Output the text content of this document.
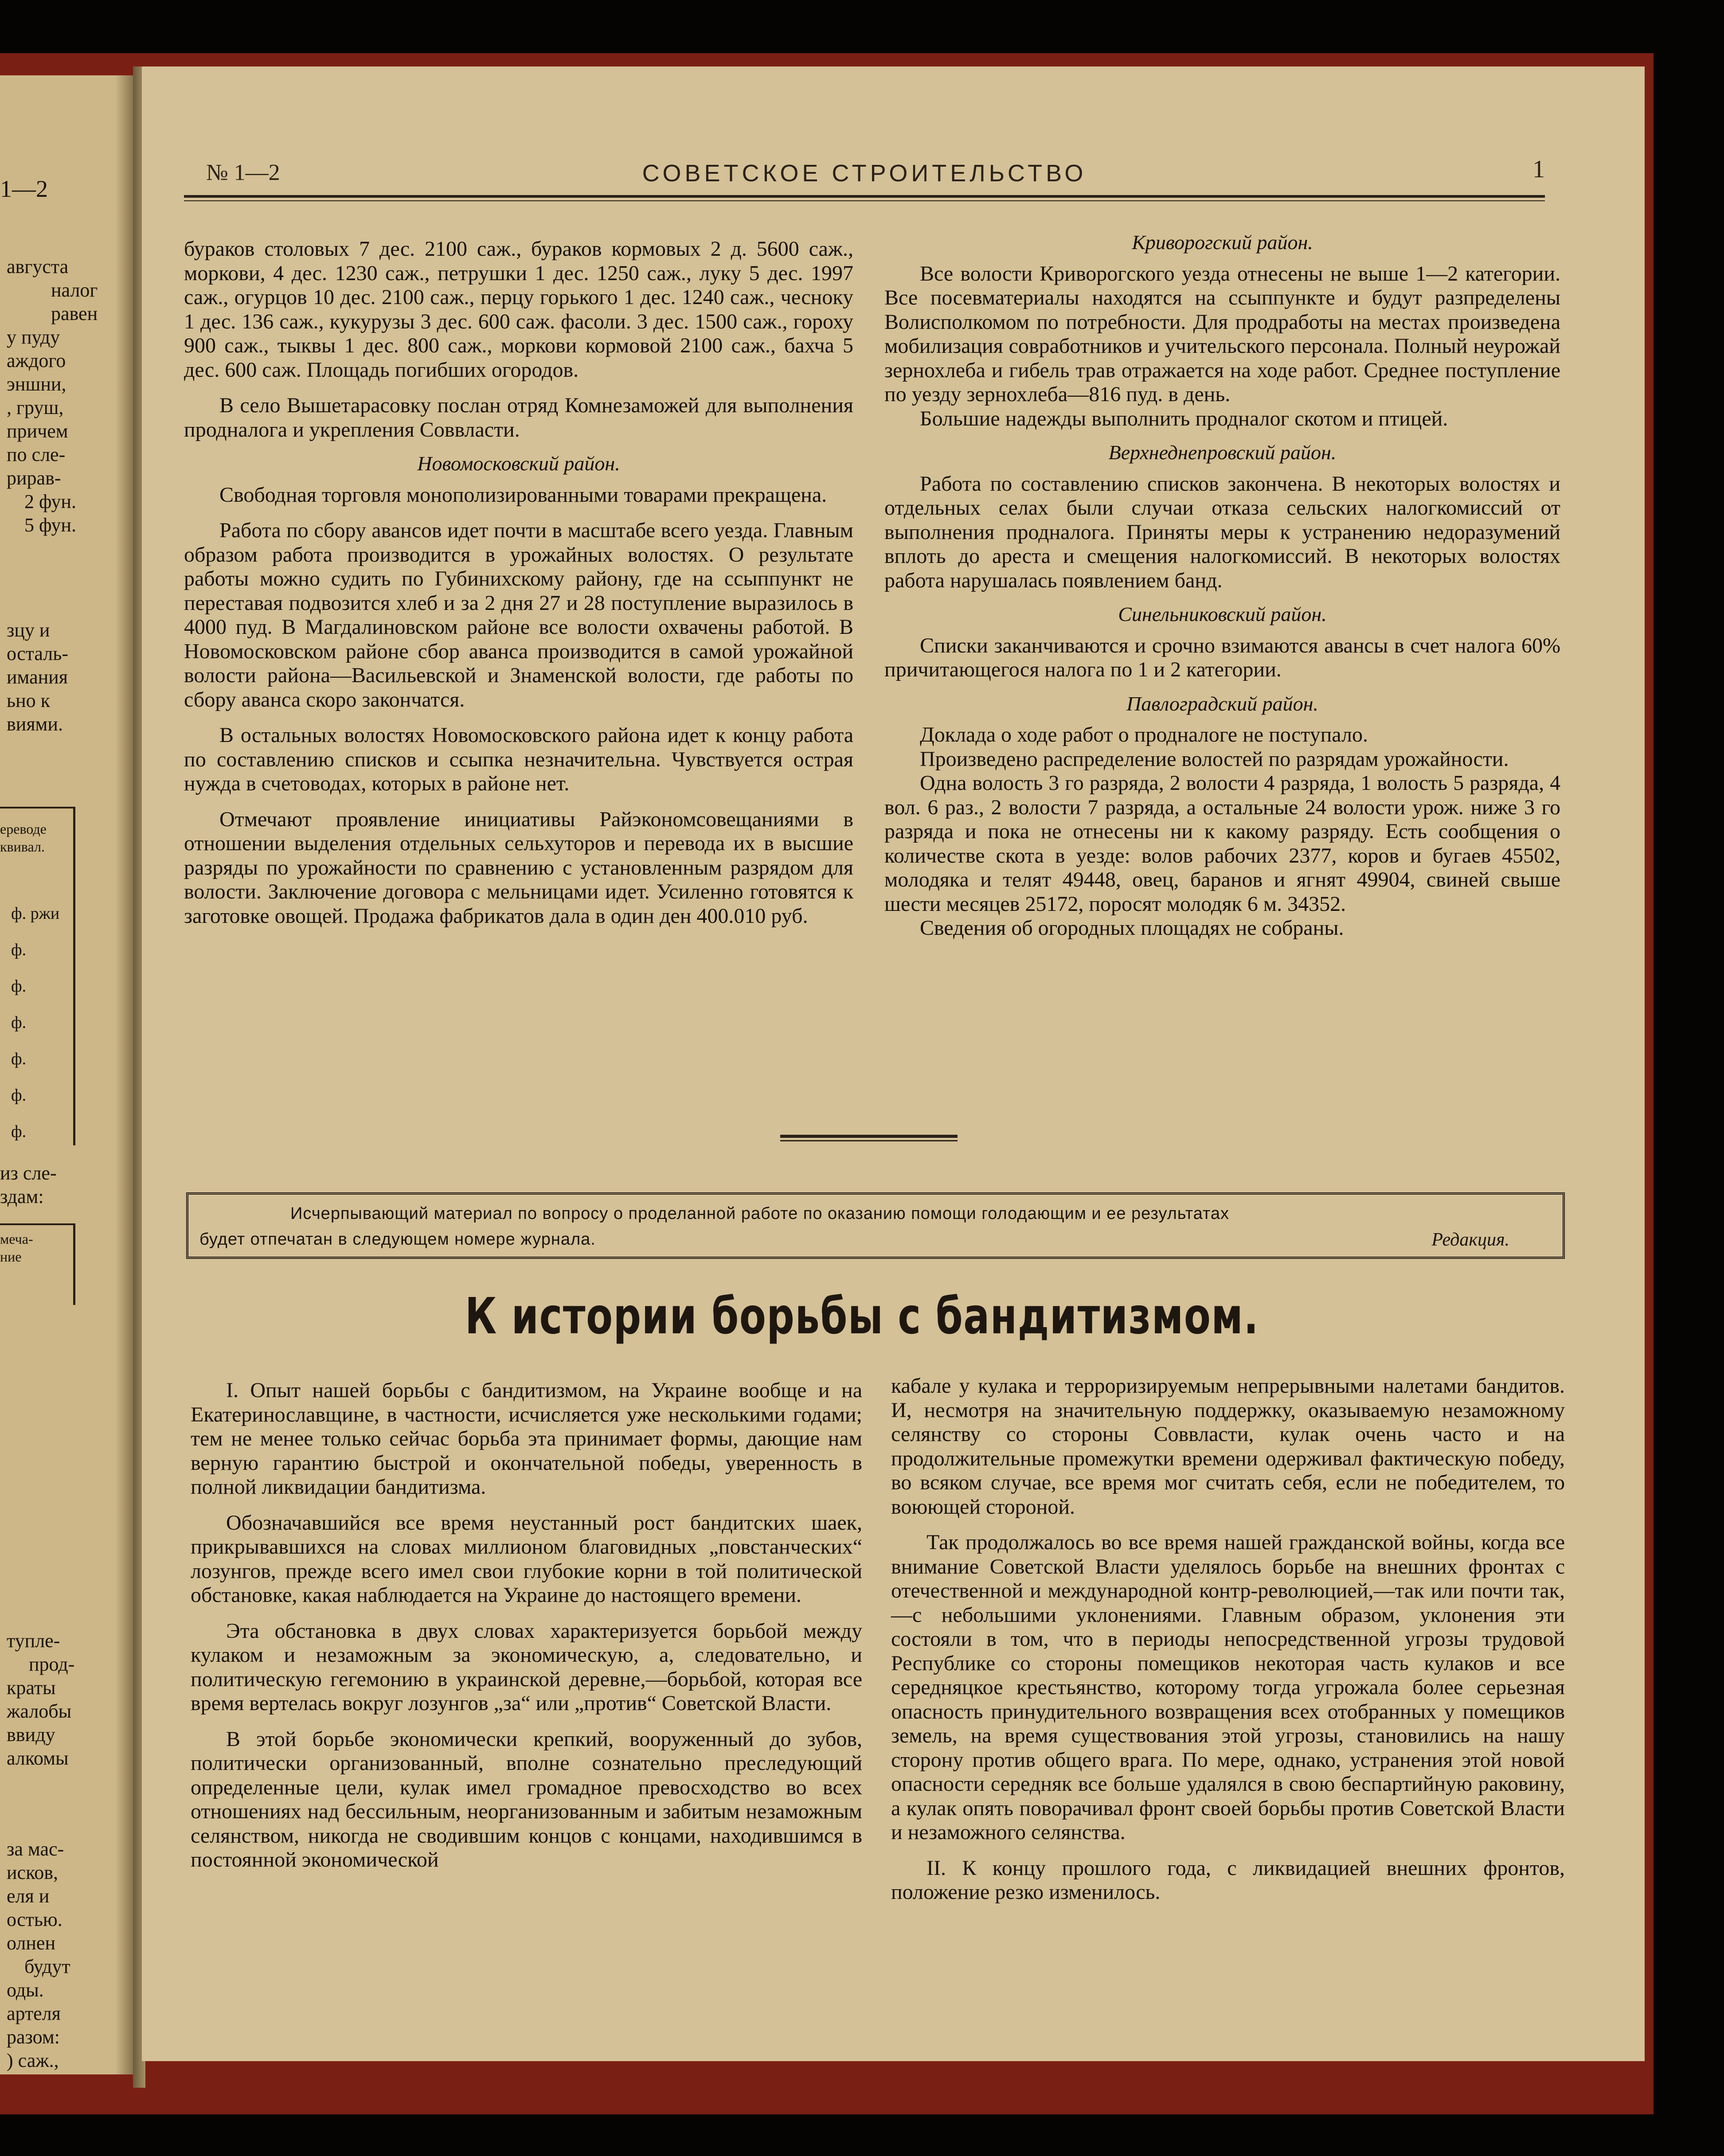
1—2
августа
налог
равен
у пуду
аждого
эншни,
, груш,
причем
по сле-
рирав-
2 фун.
5 фун.
зцу и
осталь-
имания
ьно к
виями.
ереводе
квивал.
ф. ржи
ф.
ф.
ф.
ф.
ф.
ф.
из сле-
здам:
меча-
ние
тупле-
прод-
кpаты
жалобы
ввиду
алкомы
за мас-
исков,
еля и
остью.
олнен
будут
оды.
артеля
разом:
) саж.,
№ 1—2	СОВЕТСКОЕ СТРОИТЕЛЬСТВО	1

бураков столовых 7 дес. 2100 саж., бураков кормовых 2 д. 5600 саж., моркови, 4 дес. 1230 саж., петрушки 1 дес. 1250 саж., луку 5 дес. 1997 саж., огурцов 10 дес. 2100 саж., перцу горького 1 дес. 1240 саж., чесноку 1 дес. 136 саж., кукурузы 3 дес. 600 саж. фасоли. 3 дес. 1500 саж., гороху 900 саж., тыквы 1 дес. 800 саж., моркови кормовой 2100 саж., бахча 5 дес. 600 саж. Площадь погибших огородов.

В село Вышетарасовку послан отряд Комнезаможей для выполнения продналога и укрепления Соввласти.

Новомосковский район.

Свободная торговля монополизированными товарами прекращена.

Работа по сбору авансов идет почти в масштабе всего уезда. Главным образом работа производится в урожайных волостях. О результате работы можно судить по Губинихскому району, где на ссыппункт не переставая подвозится хлеб и за 2 дня 27 и 28 поступление выразилось в 4000 пуд. В Магдалиновском районе все волости охвачены работой. В Новомосковском районе сбор аванса производится в самой урожайной волости района—Васильевской и Знаменской волости, где работы по сбору аванса скоро закончатся.

В остальных волостях Новомосковского района идет к концу работа по составлению списков и ссыпка незначительна. Чувствуется острая нужда в счетоводах, которых в районе нет.

Отмечают проявление инициативы Райэкономсовещаниями в отношении выделения отдельных сельхуторов и перевода их в высшие разряды по урожайности по сравнению с установленным разрядом для волости. Заключение договора с мельницами идет. Усиленно готовятся к заготовке овощей. Продажа фабрикатов дала в один ден 400.010 руб.

Криворогский район.

Все волости Криворогского уезда отнесены не выше 1—2 категории. Все посевматериалы находятся на ссыппункте и будут разпределены Волисполкомом по потребности. Для продработы на местах произведена мобилизация совработников и учительского персонала. Полный неурожай зернохлеба и гибель трав отражается на ходе работ. Среднее поступление по уезду зернохлеба—816 пуд. в день.

Большие надежды выполнить продналог скотом и птицей.

Верхнеднепровский район.

Работа по составлению списков закончена. В некоторых волостях и отдельных селах были случаи отказа сельских налогкомиссий от выполнения продналога. Приняты меры к устранению недоразумений вплоть до ареста и смещения налогкомиссий. В некоторых волостях работа нарушалась появлением банд.

Синельниковский район.

Списки заканчиваются и срочно взимаются авансы в счет налога 60% причитающегося налога по 1 и 2 категории.

Павлоградский район.

Доклада о ходе работ о продналоге не поступало.

Произведено распределение волостей по разрядам урожайности.

Одна волость 3 го разряда, 2 волости 4 разряда, 1 волость 5 разряда, 4 вол. 6 раз., 2 волости 7 разряда, а остальные 24 волости урож. ниже 3 го разряда и пока не отнесены ни к какому разряду. Есть сообщения о количестве скота в уезде: волов рабочих 2377, коров и бугаев 45502, молодяка и телят 49448, овец, баранов и ягнят 49904, свиней свыше шести месяцев 25172, поросят молодяк 6 м. 34352.

Сведения об огородных площадях не собраны.

Исчерпывающий материал по вопросу о проделанной работе по оказанию помощи голодающим и ее результатах
будет отпечатан в следующем номере журнала.	Редакция.
К истории борьбы с бандитизмом.

I. Опыт нашей борьбы с бандитизмом, на Украине вообще и на Екатеринославщине, в частности, исчисляется уже несколькими годами; тем не менее только сейчас борьба эта принимает формы, дающие нам верную гарантию быстрой и окончательной победы, уверенность в полной ликвидации бандитизма.

Обозначавшийся все время неустанный рост бандитских шаек, прикрывавшихся на словах миллионом благовидных „повстанческих“ лозунгов, прежде всего имел свои глубокие корни в той политической обстановке, какая наблюдается на Украине до настоящего времени.

Эта обстановка в двух словах характеризуется борьбой между кулаком и незаможным за экономическую, а, следовательно, и политическую гегемонию в украинской деревне,—борьбой, которая все время вертелась вокруг лозунгов „за“ или „против“ Советской Власти.

В этой борьбе экономически крепкий, вооруженный до зубов, политически организованный, вполне сознательно преследующий определенные цели, кулак имел громадное превосходство во всех отношениях над бессильным, неорганизованным и забитым незаможным селянством, никогда не сводившим концов с концами, находившимся в постоянной экономической

кабале у кулака и терроризируемым непрерывными налетами бандитов. И, несмотря на значительную поддержку, оказываемую незаможному селянству со стороны Соввласти, кулак очень часто и на продолжительные промежутки времени одерживал фактическую победу, во всяком случае, все время мог считать себя, если не победителем, то воюющей стороной.

Так продолжалось во все время нашей гражданской войны, когда все внимание Советской Власти уделялось борьбе на внешних фронтах с отечественной и международной контр-революцией,—так или почти так,—с небольшими уклонениями. Главным образом, уклонения эти состояли в том, что в периоды непосредственной угрозы трудовой Республике со стороны помещиков некоторая часть кулаков и все середняцкое крестьянство, которому тогда угрожала более серьезная опасность принудительного возвращения всех отобранных у помещиков земель, на время существования этой угрозы, становились на нашу сторону против общего врага. По мере, однако, устранения этой новой опасности середняк все больше удалялся в свою беспартийную раковину, а кулак опять поворачивал фронт своей борьбы против Советской Власти и незаможного селянства.

II. К концу прошлого года, с ликвидацией внешних фронтов, положение резко изменилось.
